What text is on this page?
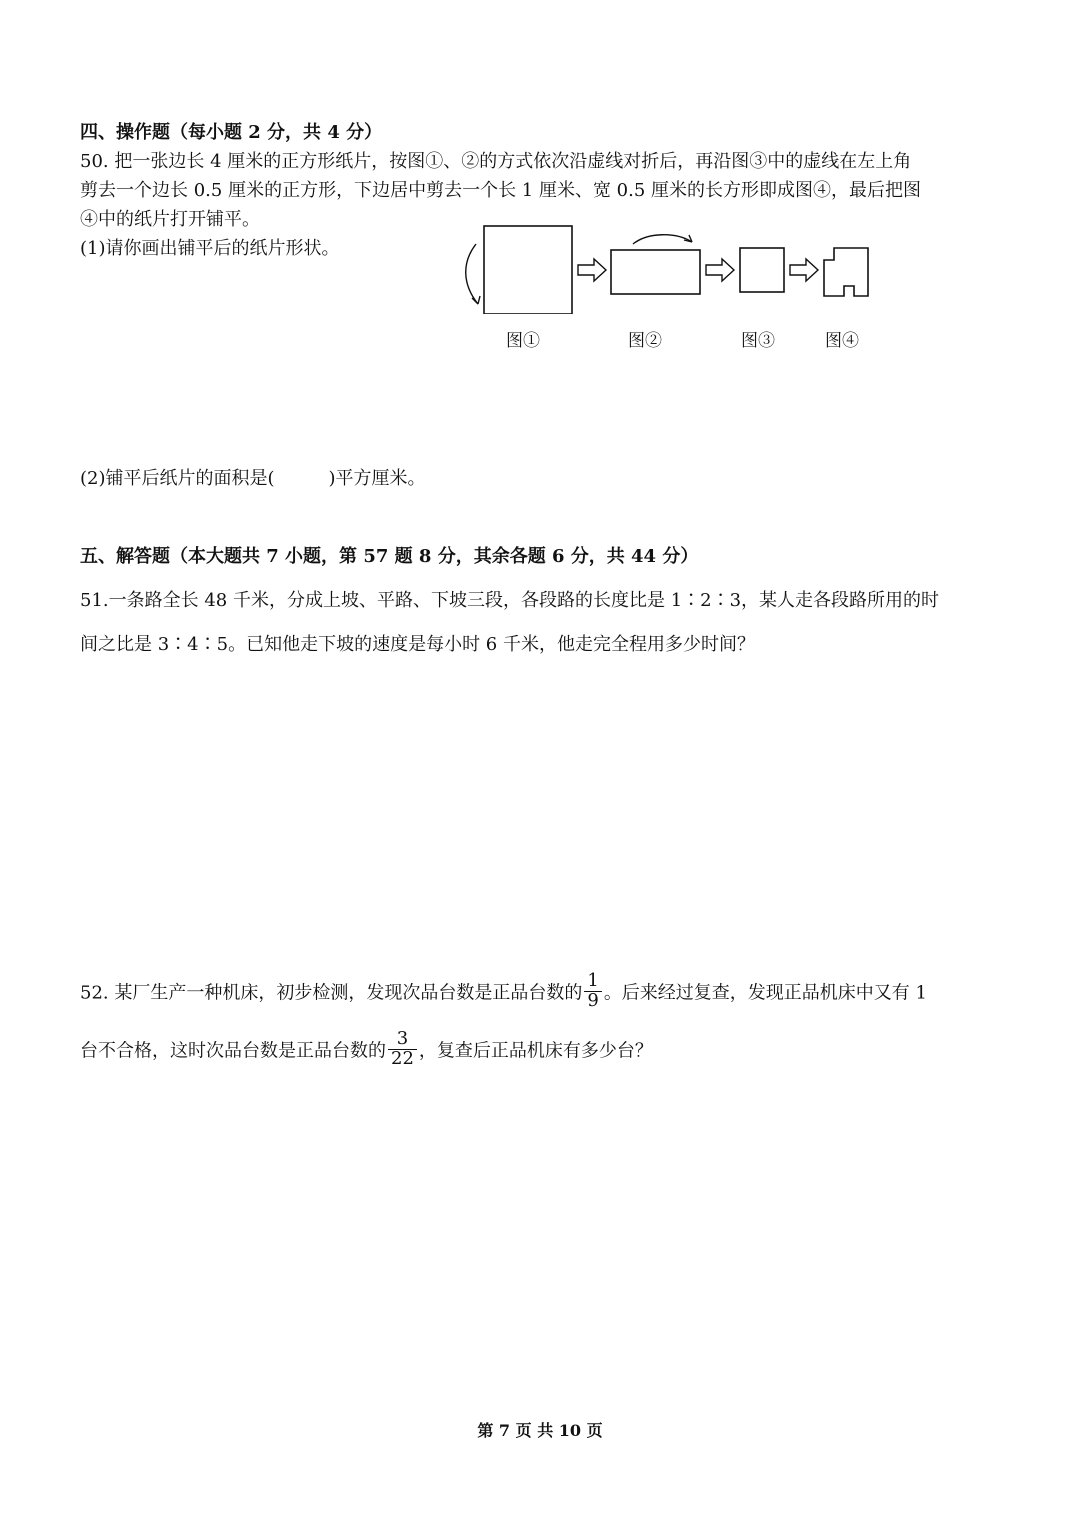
四、操作题（每小题 2 分，共 4 分）
50. 把一张边长 4 厘米的正方形纸片，按图①、②的方式依次沿虚线对折后，再沿图③中的虚线在左上角
剪去一个边长 0.5 厘米的正方形，下边居中剪去一个长 1 厘米、宽 0.5 厘米的长方形即成图④，最后把图
④中的纸片打开铺平。
(1)请你画出铺平后的纸片形状。
图①	图②	图③	图④
(2)铺平后纸片的面积是(　　　)平方厘米。
五、解答题（本大题共 7 小题，第 57 题 8 分，其余各题 6 分，共 44 分）
51.一条路全长 48 千米，分成上坡、平路、下坡三段，各段路的长度比是 1∶2∶3，某人走各段路所用的时
间之比是 3∶4∶5。已知他走下坡的速度是每小时 6 千米，他走完全程用多少时间？
52. 某厂生产一种机床，初步检测，发现次品台数是正品台数的 $\frac{1}{9}$ 。后来经过复查，发现正品机床中又有 1
台不合格，这时次品台数是正品台数的 $\frac{3}{22}$ ，复查后正品机床有多少台？
第 7 页 共 10 页
